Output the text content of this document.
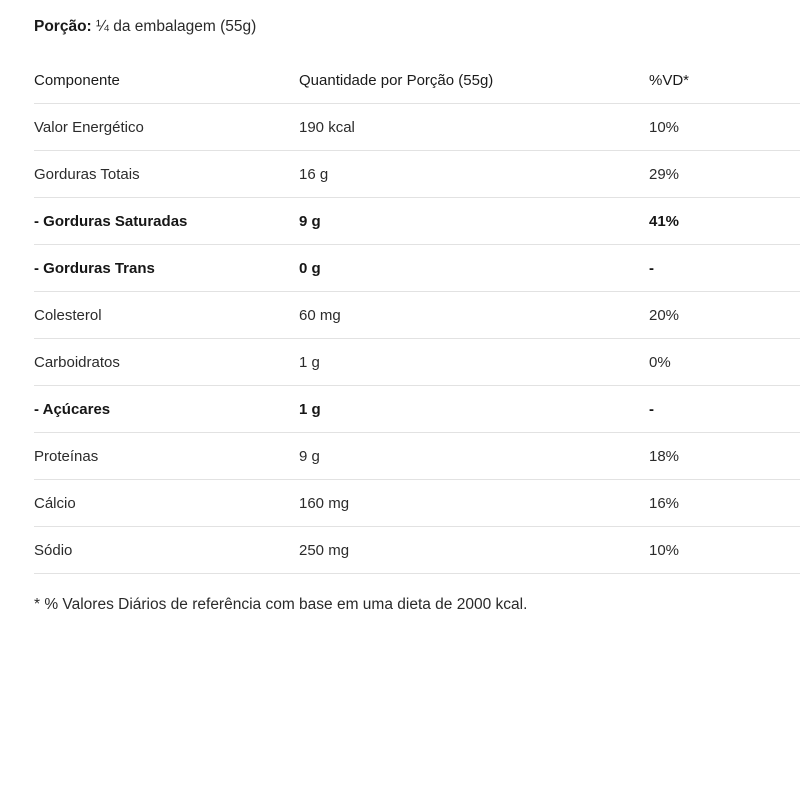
Porção: ¼ da embalagem (55g)
Componente	Quantidade por Porção (55g)	%VD*
Valor Energético	190 kcal	10%
Gorduras Totais	16 g	29%
- Gorduras Saturadas	9 g	41%
- Gorduras Trans	0 g	-
Colesterol	60 mg	20%
Carboidratos	1 g	0%
- Açúcares	1 g	-
Proteínas	9 g	18%
Cálcio	160 mg	16%
Sódio	250 mg	10%
* % Valores Diários de referência com base em uma dieta de 2000 kcal.
